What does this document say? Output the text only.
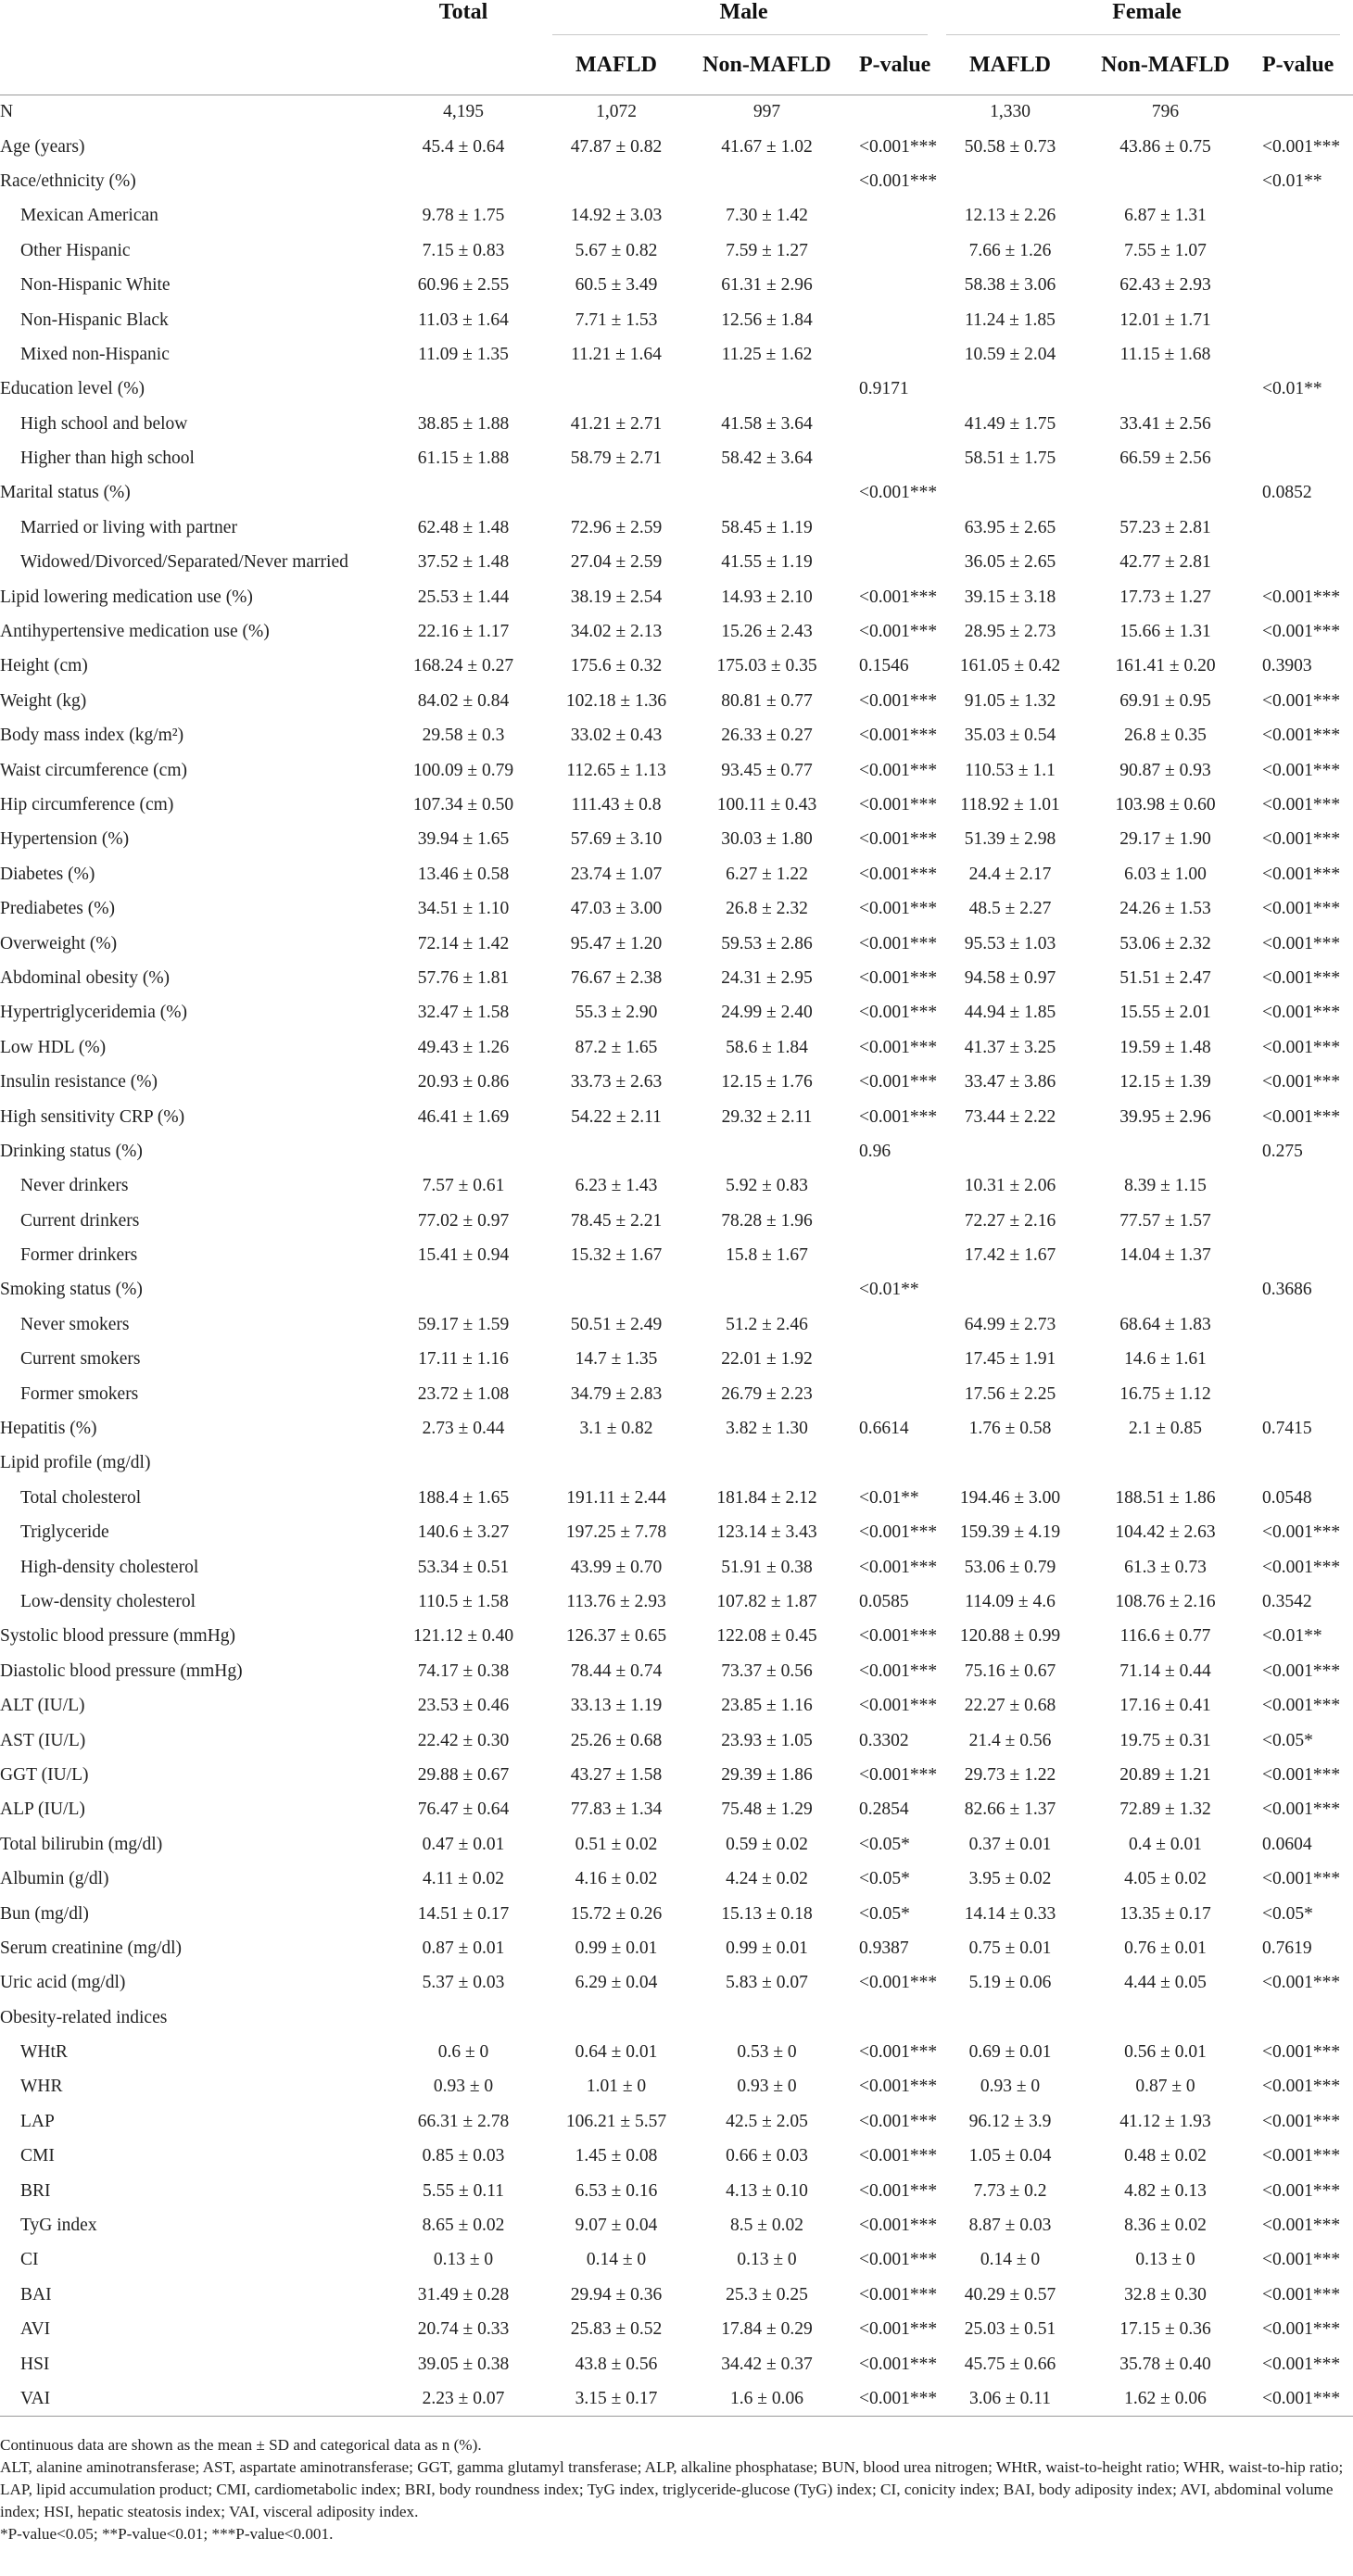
	Total	Male			Female		

		MAFLD	Non-MAFLD	P-value	MAFLD	Non-MAFLD	P-value
N	4,195	1,072	997		1,330	796	
Age (years)	45.4 ± 0.64	47.87 ± 0.82	41.67 ± 1.02	<0.001***	50.58 ± 0.73	43.86 ± 0.75	<0.001***
Race/ethnicity (%)				<0.001***			<0.01**
Mexican American	9.78 ± 1.75	14.92 ± 3.03	7.30 ± 1.42		12.13 ± 2.26	6.87 ± 1.31	
Other Hispanic	7.15 ± 0.83	5.67 ± 0.82	7.59 ± 1.27		7.66 ± 1.26	7.55 ± 1.07	
Non-Hispanic White	60.96 ± 2.55	60.5 ± 3.49	61.31 ± 2.96		58.38 ± 3.06	62.43 ± 2.93	
Non-Hispanic Black	11.03 ± 1.64	7.71 ± 1.53	12.56 ± 1.84		11.24 ± 1.85	12.01 ± 1.71	
Mixed non-Hispanic	11.09 ± 1.35	11.21 ± 1.64	11.25 ± 1.62		10.59 ± 2.04	11.15 ± 1.68	
Education level (%)				0.9171			<0.01**
High school and below	38.85 ± 1.88	41.21 ± 2.71	41.58 ± 3.64		41.49 ± 1.75	33.41 ± 2.56	
Higher than high school	61.15 ± 1.88	58.79 ± 2.71	58.42 ± 3.64		58.51 ± 1.75	66.59 ± 2.56	
Marital status (%)				<0.001***			0.0852
Married or living with partner	62.48 ± 1.48	72.96 ± 2.59	58.45 ± 1.19		63.95 ± 2.65	57.23 ± 2.81	
Widowed/Divorced/Separated/Never married	37.52 ± 1.48	27.04 ± 2.59	41.55 ± 1.19		36.05 ± 2.65	42.77 ± 2.81	
Lipid lowering medication use (%)	25.53 ± 1.44	38.19 ± 2.54	14.93 ± 2.10	<0.001***	39.15 ± 3.18	17.73 ± 1.27	<0.001***
Antihypertensive medication use (%)	22.16 ± 1.17	34.02 ± 2.13	15.26 ± 2.43	<0.001***	28.95 ± 2.73	15.66 ± 1.31	<0.001***
Height (cm)	168.24 ± 0.27	175.6 ± 0.32	175.03 ± 0.35	0.1546	161.05 ± 0.42	161.41 ± 0.20	0.3903
Weight (kg)	84.02 ± 0.84	102.18 ± 1.36	80.81 ± 0.77	<0.001***	91.05 ± 1.32	69.91 ± 0.95	<0.001***
Body mass index (kg/m²)	29.58 ± 0.3	33.02 ± 0.43	26.33 ± 0.27	<0.001***	35.03 ± 0.54	26.8 ± 0.35	<0.001***
Waist circumference (cm)	100.09 ± 0.79	112.65 ± 1.13	93.45 ± 0.77	<0.001***	110.53 ± 1.1	90.87 ± 0.93	<0.001***
Hip circumference (cm)	107.34 ± 0.50	111.43 ± 0.8	100.11 ± 0.43	<0.001***	118.92 ± 1.01	103.98 ± 0.60	<0.001***
Hypertension (%)	39.94 ± 1.65	57.69 ± 3.10	30.03 ± 1.80	<0.001***	51.39 ± 2.98	29.17 ± 1.90	<0.001***
Diabetes (%)	13.46 ± 0.58	23.74 ± 1.07	6.27 ± 1.22	<0.001***	24.4 ± 2.17	6.03 ± 1.00	<0.001***
Prediabetes (%)	34.51 ± 1.10	47.03 ± 3.00	26.8 ± 2.32	<0.001***	48.5 ± 2.27	24.26 ± 1.53	<0.001***
Overweight (%)	72.14 ± 1.42	95.47 ± 1.20	59.53 ± 2.86	<0.001***	95.53 ± 1.03	53.06 ± 2.32	<0.001***
Abdominal obesity (%)	57.76 ± 1.81	76.67 ± 2.38	24.31 ± 2.95	<0.001***	94.58 ± 0.97	51.51 ± 2.47	<0.001***
Hypertriglyceridemia (%)	32.47 ± 1.58	55.3 ± 2.90	24.99 ± 2.40	<0.001***	44.94 ± 1.85	15.55 ± 2.01	<0.001***
Low HDL (%)	49.43 ± 1.26	87.2 ± 1.65	58.6 ± 1.84	<0.001***	41.37 ± 3.25	19.59 ± 1.48	<0.001***
Insulin resistance (%)	20.93 ± 0.86	33.73 ± 2.63	12.15 ± 1.76	<0.001***	33.47 ± 3.86	12.15 ± 1.39	<0.001***
High sensitivity CRP (%)	46.41 ± 1.69	54.22 ± 2.11	29.32 ± 2.11	<0.001***	73.44 ± 2.22	39.95 ± 2.96	<0.001***
Drinking status (%)				0.96			0.275
Never drinkers	7.57 ± 0.61	6.23 ± 1.43	5.92 ± 0.83		10.31 ± 2.06	8.39 ± 1.15	
Current drinkers	77.02 ± 0.97	78.45 ± 2.21	78.28 ± 1.96		72.27 ± 2.16	77.57 ± 1.57	
Former drinkers	15.41 ± 0.94	15.32 ± 1.67	15.8 ± 1.67		17.42 ± 1.67	14.04 ± 1.37	
Smoking status (%)				<0.01**			0.3686
Never smokers	59.17 ± 1.59	50.51 ± 2.49	51.2 ± 2.46		64.99 ± 2.73	68.64 ± 1.83	
Current smokers	17.11 ± 1.16	14.7 ± 1.35	22.01 ± 1.92		17.45 ± 1.91	14.6 ± 1.61	
Former smokers	23.72 ± 1.08	34.79 ± 2.83	26.79 ± 2.23		17.56 ± 2.25	16.75 ± 1.12	
Hepatitis (%)	2.73 ± 0.44	3.1 ± 0.82	3.82 ± 1.30	0.6614	1.76 ± 0.58	2.1 ± 0.85	0.7415
Lipid profile (mg/dl)							
Total cholesterol	188.4 ± 1.65	191.11 ± 2.44	181.84 ± 2.12	<0.01**	194.46 ± 3.00	188.51 ± 1.86	0.0548
Triglyceride	140.6 ± 3.27	197.25 ± 7.78	123.14 ± 3.43	<0.001***	159.39 ± 4.19	104.42 ± 2.63	<0.001***
High-density cholesterol	53.34 ± 0.51	43.99 ± 0.70	51.91 ± 0.38	<0.001***	53.06 ± 0.79	61.3 ± 0.73	<0.001***
Low-density cholesterol	110.5 ± 1.58	113.76 ± 2.93	107.82 ± 1.87	0.0585	114.09 ± 4.6	108.76 ± 2.16	0.3542
Systolic blood pressure (mmHg)	121.12 ± 0.40	126.37 ± 0.65	122.08 ± 0.45	<0.001***	120.88 ± 0.99	116.6 ± 0.77	<0.01**
Diastolic blood pressure (mmHg)	74.17 ± 0.38	78.44 ± 0.74	73.37 ± 0.56	<0.001***	75.16 ± 0.67	71.14 ± 0.44	<0.001***
ALT (IU/L)	23.53 ± 0.46	33.13 ± 1.19	23.85 ± 1.16	<0.001***	22.27 ± 0.68	17.16 ± 0.41	<0.001***
AST (IU/L)	22.42 ± 0.30	25.26 ± 0.68	23.93 ± 1.05	0.3302	21.4 ± 0.56	19.75 ± 0.31	<0.05*
GGT (IU/L)	29.88 ± 0.67	43.27 ± 1.58	29.39 ± 1.86	<0.001***	29.73 ± 1.22	20.89 ± 1.21	<0.001***
ALP (IU/L)	76.47 ± 0.64	77.83 ± 1.34	75.48 ± 1.29	0.2854	82.66 ± 1.37	72.89 ± 1.32	<0.001***
Total bilirubin (mg/dl)	0.47 ± 0.01	0.51 ± 0.02	0.59 ± 0.02	<0.05*	0.37 ± 0.01	0.4 ± 0.01	0.0604
Albumin (g/dl)	4.11 ± 0.02	4.16 ± 0.02	4.24 ± 0.02	<0.05*	3.95 ± 0.02	4.05 ± 0.02	<0.001***
Bun (mg/dl)	14.51 ± 0.17	15.72 ± 0.26	15.13 ± 0.18	<0.05*	14.14 ± 0.33	13.35 ± 0.17	<0.05*
Serum creatinine (mg/dl)	0.87 ± 0.01	0.99 ± 0.01	0.99 ± 0.01	0.9387	0.75 ± 0.01	0.76 ± 0.01	0.7619
Uric acid (mg/dl)	5.37 ± 0.03	6.29 ± 0.04	5.83 ± 0.07	<0.001***	5.19 ± 0.06	4.44 ± 0.05	<0.001***
Obesity-related indices							
WHtR	0.6 ± 0	0.64 ± 0.01	0.53 ± 0	<0.001***	0.69 ± 0.01	0.56 ± 0.01	<0.001***
WHR	0.93 ± 0	1.01 ± 0	0.93 ± 0	<0.001***	0.93 ± 0	0.87 ± 0	<0.001***
LAP	66.31 ± 2.78	106.21 ± 5.57	42.5 ± 2.05	<0.001***	96.12 ± 3.9	41.12 ± 1.93	<0.001***
CMI	0.85 ± 0.03	1.45 ± 0.08	0.66 ± 0.03	<0.001***	1.05 ± 0.04	0.48 ± 0.02	<0.001***
BRI	5.55 ± 0.11	6.53 ± 0.16	4.13 ± 0.10	<0.001***	7.73 ± 0.2	4.82 ± 0.13	<0.001***
TyG index	8.65 ± 0.02	9.07 ± 0.04	8.5 ± 0.02	<0.001***	8.87 ± 0.03	8.36 ± 0.02	<0.001***
CI	0.13 ± 0	0.14 ± 0	0.13 ± 0	<0.001***	0.14 ± 0	0.13 ± 0	<0.001***
BAI	31.49 ± 0.28	29.94 ± 0.36	25.3 ± 0.25	<0.001***	40.29 ± 0.57	32.8 ± 0.30	<0.001***
AVI	20.74 ± 0.33	25.83 ± 0.52	17.84 ± 0.29	<0.001***	25.03 ± 0.51	17.15 ± 0.36	<0.001***
HSI	39.05 ± 0.38	43.8 ± 0.56	34.42 ± 0.37	<0.001***	45.75 ± 0.66	35.78 ± 0.40	<0.001***
VAI	2.23 ± 0.07	3.15 ± 0.17	1.6 ± 0.06	<0.001***	3.06 ± 0.11	1.62 ± 0.06	<0.001***

Continuous data are shown as the mean ± SD and categorical data as n (%).

ALT, alanine aminotransferase; AST, aspartate aminotransferase; GGT, gamma glutamyl transferase; ALP, alkaline phosphatase; BUN, blood urea nitrogen; WHtR, waist-to-height ratio; WHR, waist-to-hip ratio; LAP, lipid accumulation product; CMI, cardiometabolic index; BRI, body roundness index; TyG index, triglyceride-glucose (TyG) index; CI, conicity index; BAI, body adiposity index; AVI, abdominal volume index; HSI, hepatic steatosis index; VAI, visceral adiposity index.

*P-value<0.05; **P-value<0.01; ***P-value<0.001.
